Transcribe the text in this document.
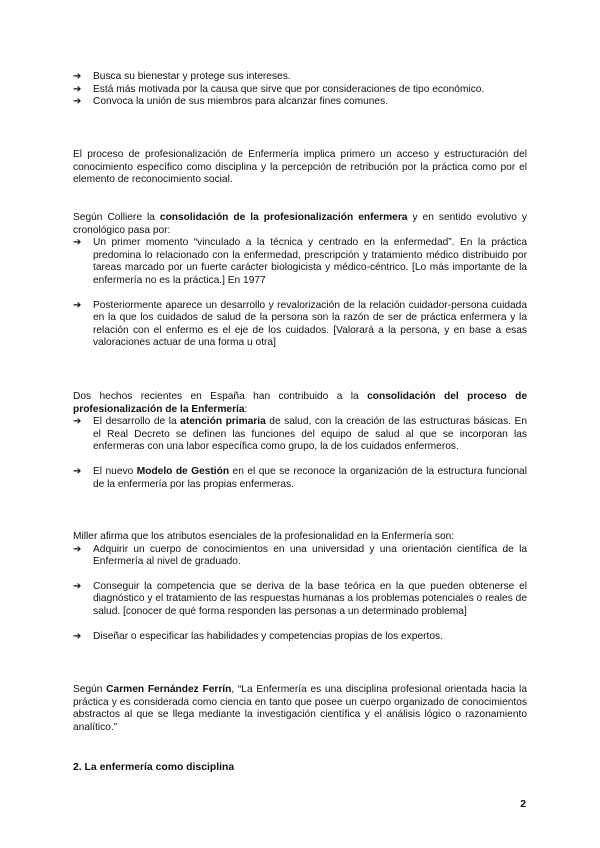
➔ Busca su bienestar y protege sus intereses.
➔ Está más motivada por la causa que sirve que por consideraciones de tipo económico.
➔ Convoca la unión de sus miembros para alcanzar fines comunes.
El proceso de profesionalización de Enfermería implica primero un acceso y estructuración del conocimiento específico como disciplina y la percepción de retribución por la práctica como por el elemento de reconocimiento social.
Según Colliere la consolidación de la profesionalización enfermera y en sentido evolutivo y cronológico pasa por:
➔ Un primer momento “vinculado a la técnica y centrado en la enfermedad”. En la práctica predomina lo relacionado con la enfermedad, prescripción y tratamiento médico distribuido por tareas marcado por un fuerte carácter biologicista y médico-céntrico. [Lo más importante de la enfermería no es la práctica.] En 1977
➔ Posteriormente aparece un desarrollo y revalorización de la relación cuidador-persona cuidada en la que los cuidados de salud de la persona son la razón de ser de práctica enfermera y la relación con el enfermo es el eje de los cuidados. [Valorará a la persona, y en base a esas valoraciones actuar de una forma u otra]
Dos hechos recientes en España han contribuido a la consolidación del proceso de profesionalización de la Enfermería:
➔ El desarrollo de la atención primaria de salud, con la creación de las estructuras básicas. En el Real Decreto se definen las funciones del equipo de salud al que se incorporan las enfermeras con una labor específica como grupo, la de los cuidados enfermeros.
➔ El nuevo Modelo de Gestión en el que se reconoce la organización de la estructura funcional de la enfermería por las propias enfermeras.
Miller afirma que los atributos esenciales de la profesionalidad en la Enfermería son:
➔ Adquirir un cuerpo de conocimientos en una universidad y una orientación científica de la Enfermería al nivel de graduado.
➔ Conseguir la competencia que se deriva de la base teórica en la que pueden obtenerse el diagnóstico y el tratamiento de las respuestas humanas a los problemas potenciales o reales de salud. [conocer de qué forma responden las personas a un determinado problema]
➔ Diseñar o especificar las habilidades y competencias propias de los expertos.
Según Carmen Fernández Ferrín, “La Enfermería es una disciplina profesional orientada hacia la práctica y es considerada como ciencia en tanto que posee un cuerpo organizado de conocimientos abstractos al que se llega mediante la investigación científica y el análisis lógico o razonamiento analítico.”
2. La enfermería como disciplina
2
